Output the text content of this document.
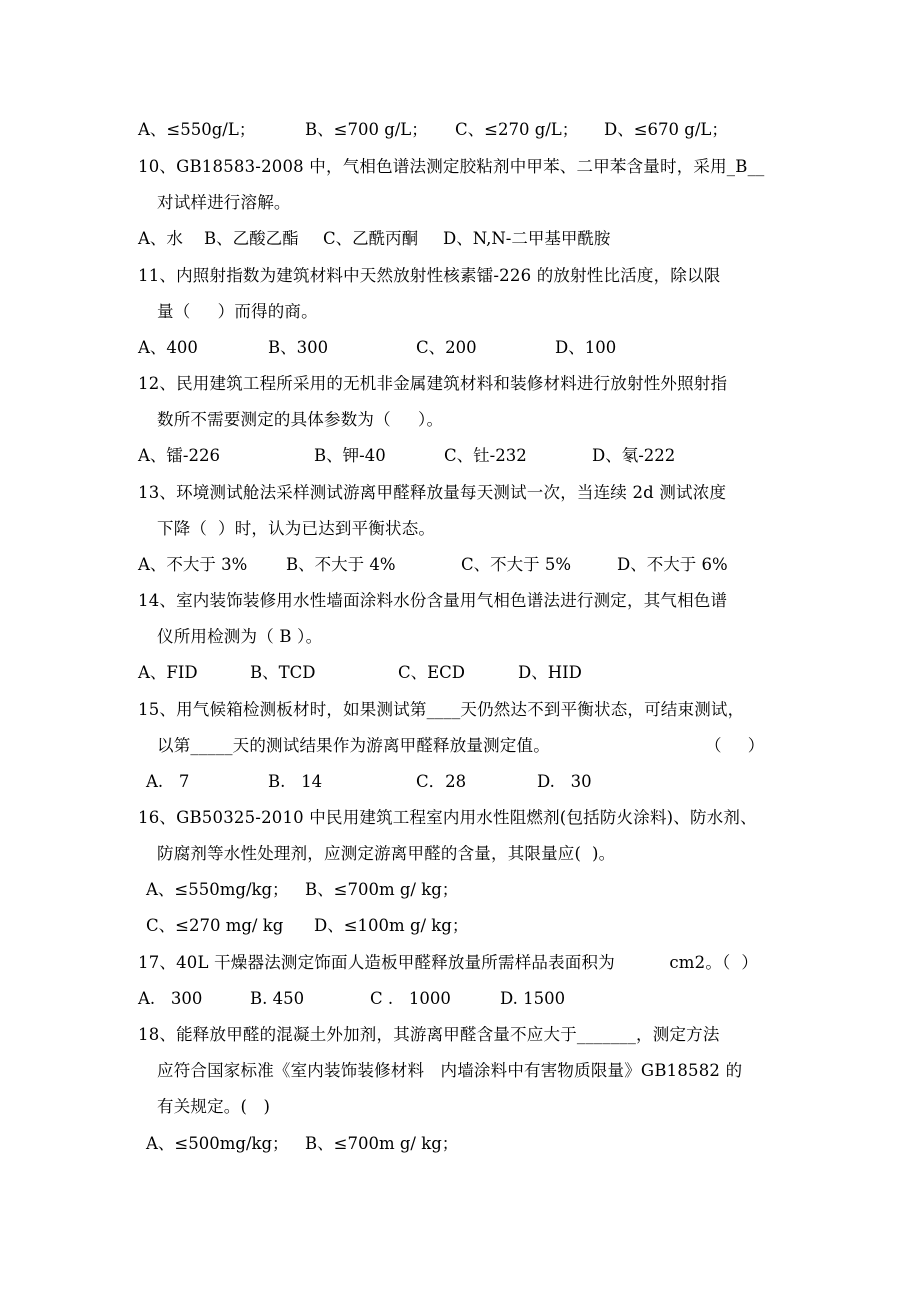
A、≤550g/L；	B、≤700 g/L； C、≤270 g/L； D、≤670 g/L；
10、GB18583-2008 中，气相色谱法测定胶粘剂中甲苯、二甲苯含量时，采用_B__
对试样进行溶解。
A、水 B、乙酸乙酯 C、乙酰丙酮 D、N,N-二甲基甲酰胺
11、内照射指数为建筑材料中天然放射性核素镭-226 的放射性比活度，除以限
量（     ）而得的商。
A、400	B、300	C、200	D、100
12、民用建筑工程所采用的无机非金属建筑材料和装修材料进行放射性外照射指
数所不需要测定的具体参数为（     ）。
A、镭-226	B、钾-40	C、钍-232	D、氡-222
13、环境测试舱法采样测试游离甲醛释放量每天测试一次，当连续 2d 测试浓度
下降（  ）时，认为已达到平衡状态。
A、不大于 3% B、不大于 4%	C、不大于 5%	D、不大于 6%
14、室内装饰装修用水性墙面涂料水份含量用气相色谱法进行测定，其气相色谱
仪所用检测为（ B ）。
A、FID	B、TCD	C、ECD	D、HID
15、用气候箱检测板材时，如果测试第____天仍然达不到平衡状态，可结束测试，
以第_____天的测试结果作为游离甲醛释放量测定值。	（     ）
A.   7	B.   14	C．28	D.   30
16、GB50325-2010 中民用建筑工程室内用水性阻燃剂(包括防火涂料)、防水剂、
防腐剂等水性处理剂，应测定游离甲醛的含量，其限量应(  )。
A、≤550mg/kg； B、≤700m g/ kg；
C、≤270 mg/ kg D、≤100m g/ kg；
17、40L 干燥器法测定饰面人造板甲醛释放量所需样品表面积为          cm2。（  ）
A.   300	B. 450	C .   1000	D. 1500
18、能释放甲醛的混凝土外加剂，其游离甲醛含量不应大于_______，测定方法
应符合国家标准《室内装饰装修材料   内墙涂料中有害物质限量》GB18582 的
有关规定。(   )
A、≤500mg/kg； B、≤700m g/ kg；
